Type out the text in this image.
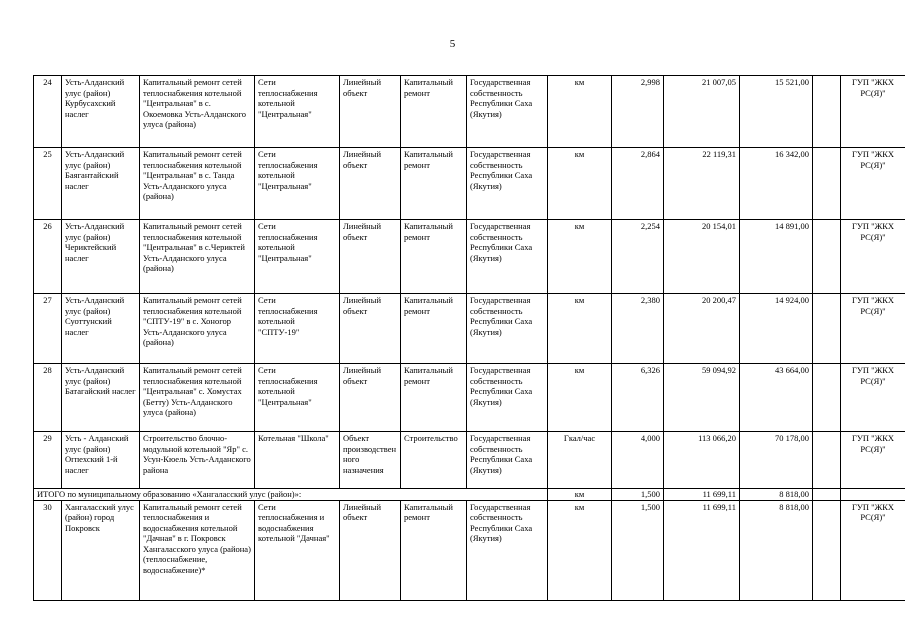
5
24	Усть-Алданский улус (район) Курбусахский наслег	Капитальный ремонт сетей теплоснабжения котельной "Центральная" в с. Окоемовка Усть-Алданского улуса (района)	Сети теплоснабжения котельной "Центральная"	Линейный объект	Капитальный ремонт	Государственная собственность Республики Саха (Якутия)	км	2,998	21 007,05	15 521,00		ГУП "ЖКХ РС(Я)"
25	Усть-Алданский улус (район) Баягантайский наслег	Капитальный ремонт сетей теплоснабжения котельной "Центральная" в с. Танда Усть-Алданского улуса (района)	Сети теплоснабжения котельной "Центральная"	Линейный объект	Капитальный ремонт	Государственная собственность Республики Саха (Якутия)	км	2,864	22 119,31	16 342,00		ГУП "ЖКХ РС(Я)"
26	Усть-Алданский улус (район) Чериктейский наслег	Капитальный ремонт сетей теплоснабжения котельной "Центральная" в с.Чериктей Усть-Алданского улуса (района)	Сети теплоснабжения котельной "Центральная"	Линейный объект	Капитальный ремонт	Государственная собственность Республики Саха (Якутия)	км	2,254	20 154,01	14 891,00		ГУП "ЖКХ РС(Я)"
27	Усть-Алданский улус (район) Суоттунский наслег	Капитальный ремонт сетей теплоснабжения котельной "СПТУ-19" в с. Хоногор Усть-Алданского улуса (района)	Сети теплоснабжения котельной "СПТУ-19"	Линейный объект	Капитальный ремонт	Государственная собственность Республики Саха (Якутия)	км	2,380	20 200,47	14 924,00		ГУП "ЖКХ РС(Я)"
28	Усть-Алданский улус (район) Батагайский наслег	Капитальный ремонт сетей теплоснабжения котельной "Центральная" с. Хомустах (Бетту) Усть-Алданского улуса (района)	Сети теплоснабжения котельной "Центральная"	Линейный объект	Капитальный ремонт	Государственная собственность Республики Саха (Якутия)	км	6,326	59 094,92	43 664,00		ГУП "ЖКХ РС(Я)"
29	Усть - Алданский улус (район) Огпехский 1-й наслег	Строительство блочно-модульной котельной "Яр" с. Усун-Кюель Усть-Алданского района	Котельная "Школа"	Объект производственного назначения	Строительство	Государственная собственность Республики Саха (Якутия)	Гкал/час	4,000	113 066,20	70 178,00		ГУП "ЖКХ РС(Я)"
ИТОГО по муниципальному образованию «Хангаласский улус (район)»:							км	1,500	11 699,11	8 818,00		
30	Хангаласский улус (район) город Покровск	Капитальный ремонт сетей теплоснабжения и водоснабжения котельной "Дачная" в г. Покровск Хангаласского улуса (района) (теплоснабжение, водоснабжение)*	Сети теплоснабжения и водоснабжения котельной "Дачная"	Линейный объект	Капитальный ремонт	Государственная собственность Республики Саха (Якутия)	км	1,500	11 699,11	8 818,00		ГУП "ЖКХ РС(Я)"
